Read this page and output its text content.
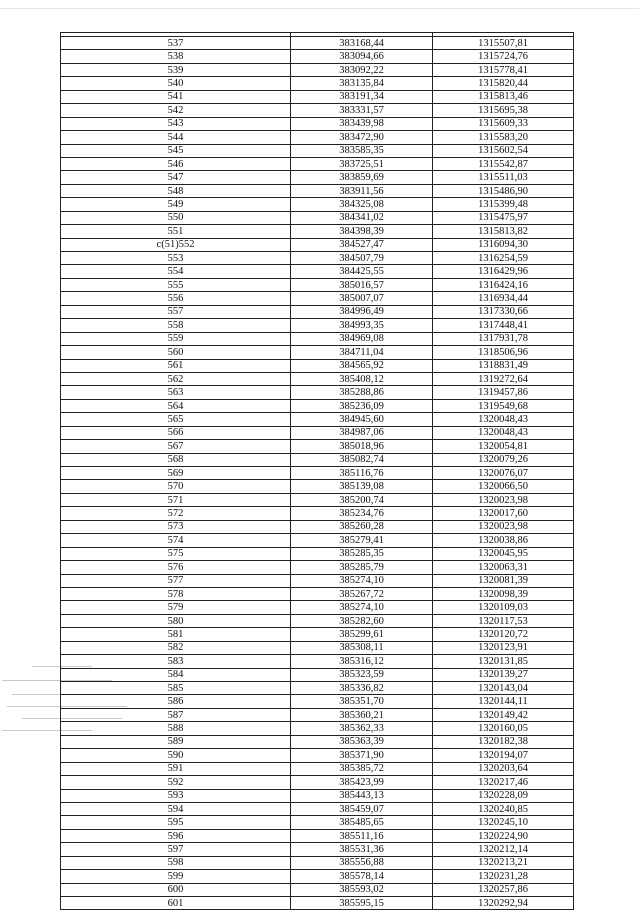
537	383168,44	1315507,81
538	383094,66	1315724,76
539	383092,22	1315778,41
540	383135,84	1315820,44
541	383191,34	1315813,46
542	383331,57	1315695,38
543	383439,98	1315609,33
544	383472,90	1315583,20
545	383585,35	1315602,54
546	383725,51	1315542,87
547	383859,69	1315511,03
548	383911,56	1315486,90
549	384325,08	1315399,48
550	384341,02	1315475,97
551	384398,39	1315813,82
c(51)552	384527,47	1316094,30
553	384507,79	1316254,59
554	384425,55	1316429,96
555	385016,57	1316424,16
556	385007,07	1316934,44
557	384996,49	1317330,66
558	384993,35	1317448,41
559	384969,08	1317931,78
560	384711,04	1318506,96
561	384565,92	1318831,49
562	385408,12	1319272,64
563	385288,86	1319457,86
564	385236,09	1319549,68
565	384945,60	1320048,43
566	384987,06	1320048,43
567	385018,96	1320054,81
568	385082,74	1320079,26
569	385116,76	1320076,07
570	385139,08	1320066,50
571	385200,74	1320023,98
572	385234,76	1320017,60
573	385260,28	1320023,98
574	385279,41	1320038,86
575	385285,35	1320045,95
576	385285,79	1320063,31
577	385274,10	1320081,39
578	385267,72	1320098,39
579	385274,10	1320109,03
580	385282,60	1320117,53
581	385299,61	1320120,72
582	385308,11	1320123,91
583	385316,12	1320131,85
584	385323,59	1320139,27
585	385336,82	1320143,04
586	385351,70	1320144,11
587	385360,21	1320149,42
588	385362,33	1320160,05
589	385363,39	1320182,38
590	385371,90	1320194,07
591	385385,72	1320203,64
592	385423,99	1320217,46
593	385443,13	1320228,09
594	385459,07	1320240,85
595	385485,65	1320245,10
596	385511,16	1320224,90
597	385531,36	1320212,14
598	385556,88	1320213,21
599	385578,14	1320231,28
600	385593,02	1320257,86
601	385595,15	1320292,94
